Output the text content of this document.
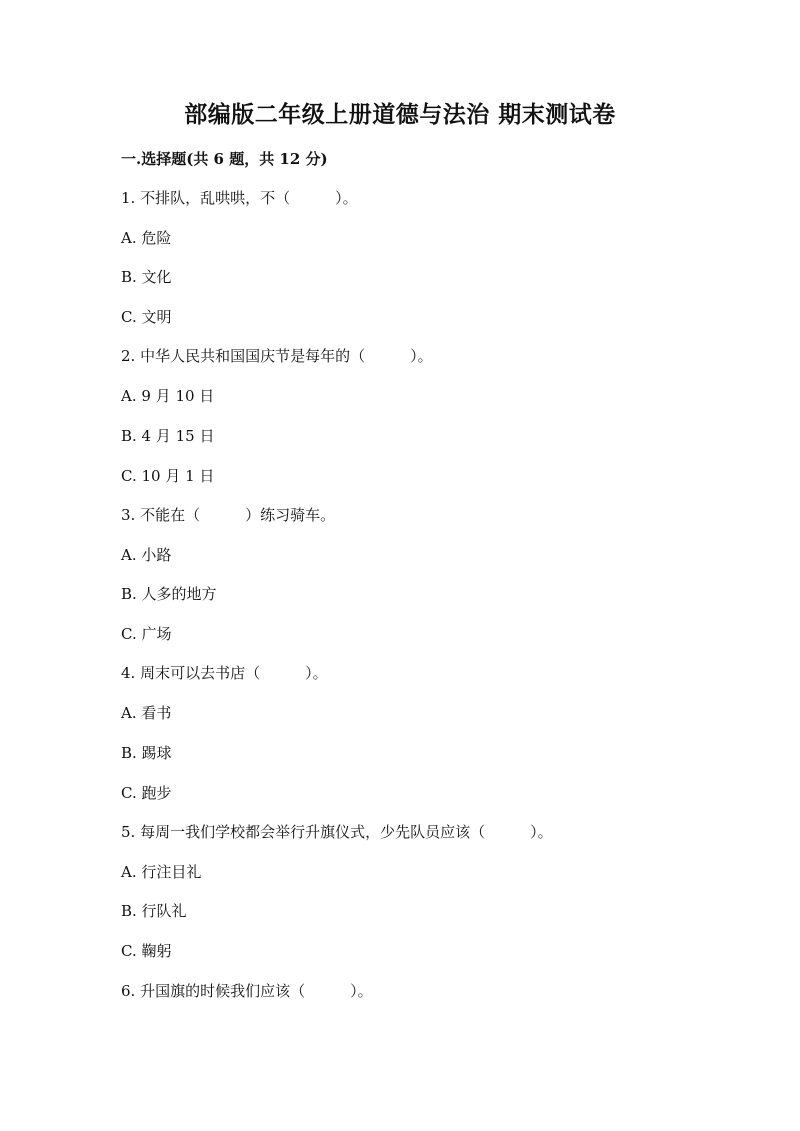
部编版二年级上册道德与法治 期末测试卷

一.选择题(共 6 题，共 12 分)

1. 不排队，乱哄哄，不（　　　）。

A. 危险

B. 文化

C. 文明

2. 中华人民共和国国庆节是每年的（　　　）。

A. 9 月 10 日

B. 4 月 15 日

C. 10 月 1 日

3. 不能在（　　　）练习骑车。

A. 小路

B. 人多的地方

C. 广场

4. 周末可以去书店（　　　）。

A. 看书

B. 踢球

C. 跑步

5. 每周一我们学校都会举行升旗仪式，少先队员应该（　　　）。

A. 行注目礼

B. 行队礼

C. 鞠躬

6. 升国旗的时候我们应该（　　　）。
